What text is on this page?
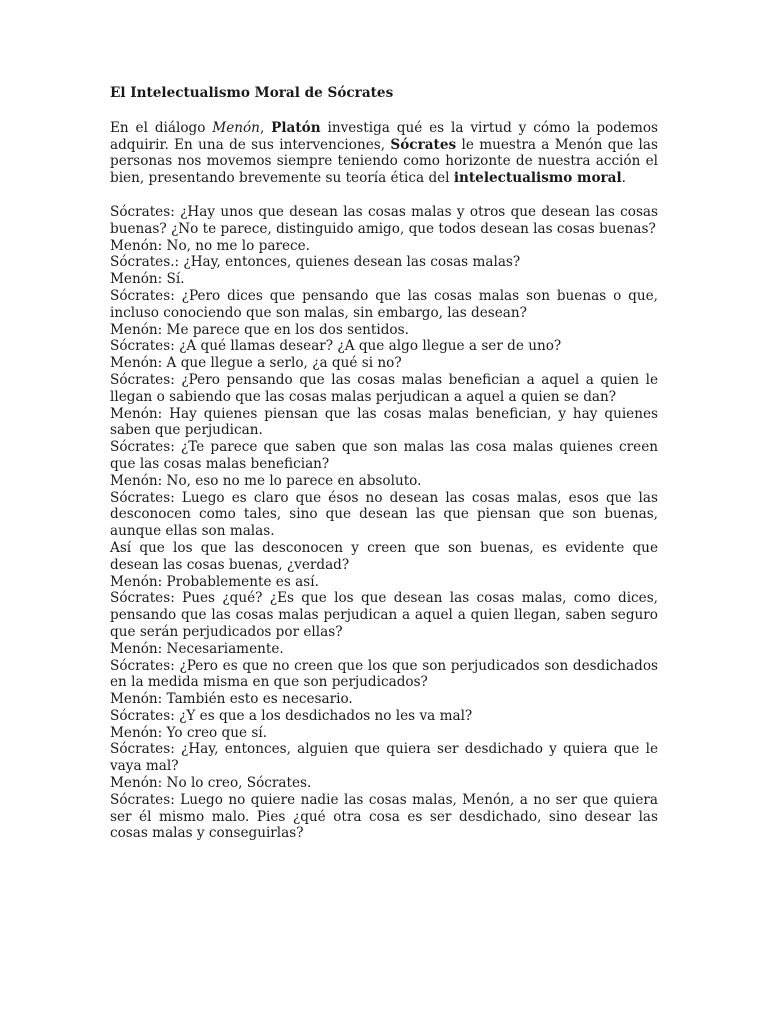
El Intelectualismo Moral de Sócrates

En el diálogo Menón, Platón investiga qué es la virtud y cómo la podemos adquirir. En una de sus intervenciones, Sócrates le muestra a Menón que las personas nos movemos siempre teniendo como horizonte de nuestra acción el bien, presentando brevemente su teoría ética del intelectualismo moral.

Sócrates: ¿Hay unos que desean las cosas malas y otros que desean las cosas buenas? ¿No te parece, distinguido amigo, que todos desean las cosas buenas?

Menón: No, no me lo parece.

Sócrates.: ¿Hay, entonces, quienes desean las cosas malas?

Menón: Sí.

Sócrates: ¿Pero dices que pensando que las cosas malas son buenas o que, incluso conociendo que son malas, sin embargo, las desean?

Menón: Me parece que en los dos sentidos.

Sócrates: ¿A qué llamas desear? ¿A que algo llegue a ser de uno?

Menón: A que llegue a serlo, ¿a qué si no?

Sócrates: ¿Pero pensando que las cosas malas benefician a aquel a quien le llegan o sabiendo que las cosas malas perjudican a aquel a quien se dan?

Menón: Hay quienes piensan que las cosas malas benefician, y hay quienes saben que perjudican.

Sócrates: ¿Te parece que saben que son malas las cosa malas quienes creen que las cosas malas benefician?

Menón: No, eso no me lo parece en absoluto.

Sócrates: Luego es claro que ésos no desean las cosas malas, esos que las desconocen como tales, sino que desean las que piensan que son buenas, aunque ellas son malas.

Así que los que las desconocen y creen que son buenas, es evidente que desean las cosas buenas, ¿verdad?

Menón: Probablemente es así.

Sócrates: Pues ¿qué? ¿Es que los que desean las cosas malas, como dices, pensando que las cosas malas perjudican a aquel a quien llegan, saben seguro que serán perjudicados por ellas?

Menón: Necesariamente.

Sócrates: ¿Pero es que no creen que los que son perjudicados son desdichados en la medida misma en que son perjudicados?

Menón: También esto es necesario.

Sócrates: ¿Y es que a los desdichados no les va mal?

Menón: Yo creo que sí.

Sócrates: ¿Hay, entonces, alguien que quiera ser desdichado y quiera que le vaya mal?

Menón: No lo creo, Sócrates.

Sócrates: Luego no quiere nadie las cosas malas, Menón, a no ser que quiera ser él mismo malo. Pies ¿qué otra cosa es ser desdichado, sino desear las cosas malas y conseguirlas?
